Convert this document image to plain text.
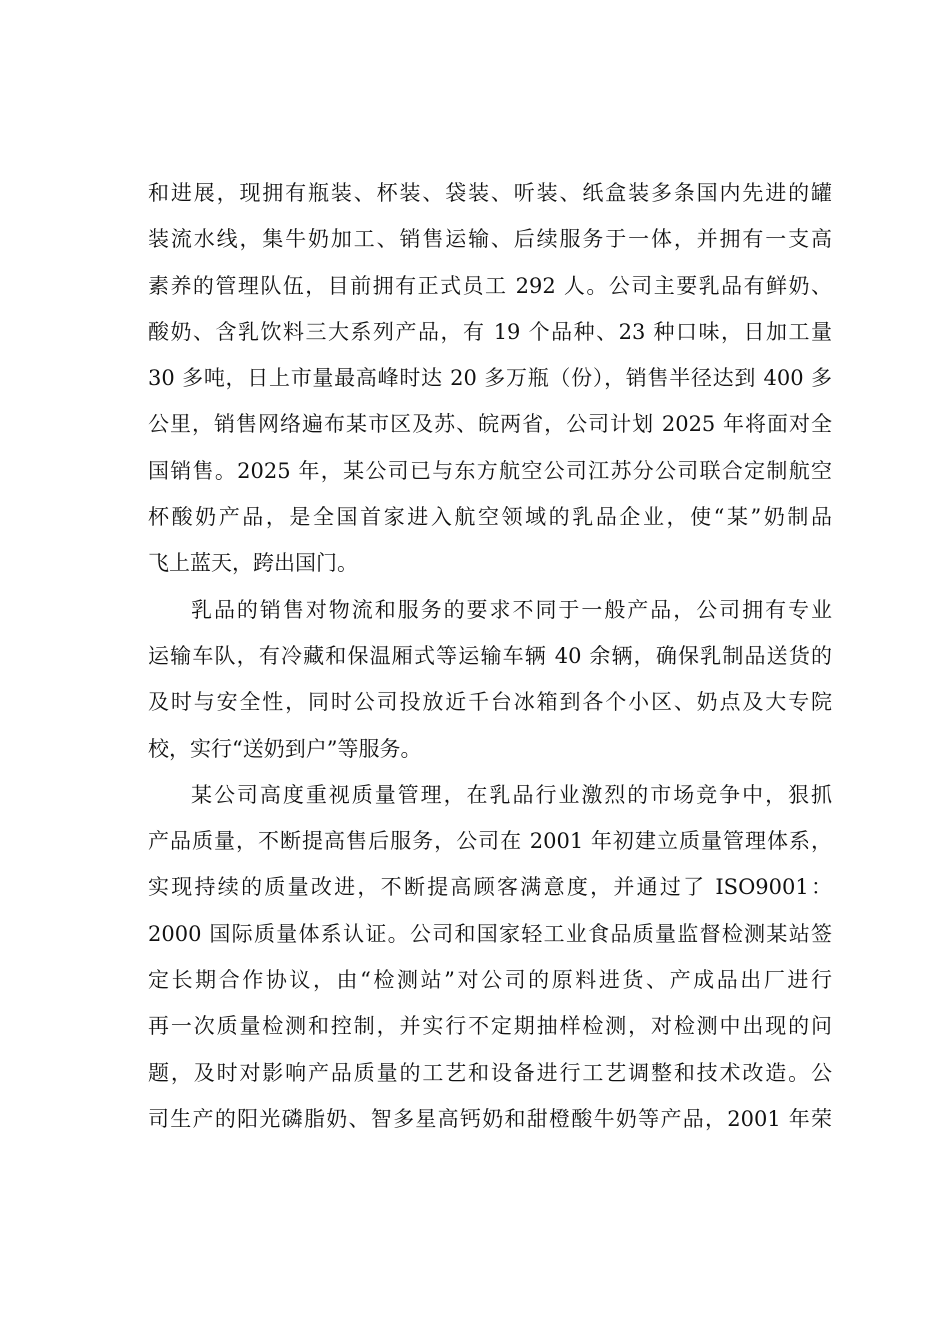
和进展，现拥有瓶装、杯装、袋装、听装、纸盒装多条国内先进的罐
装流水线，集牛奶加工、销售运输、后续服务于一体，并拥有一支高
素养的管理队伍，目前拥有正式员工 292 人。公司主要乳品有鲜奶、
酸奶、含乳饮料三大系列产品，有 19 个品种、23 种口味，日加工量
30 多吨，日上市量最高峰时达 20 多万瓶（份），销售半径达到 400 多
公里，销售网络遍布某市区及苏、皖两省，公司计划 2025 年将面对全
国销售。2025 年，某公司已与东方航空公司江苏分公司联合定制航空
杯酸奶产品，是全国首家进入航空领域的乳品企业，使“某”奶制品
飞上蓝天，跨出国门。
乳品的销售对物流和服务的要求不同于一般产品，公司拥有专业
运输车队，有冷藏和保温厢式等运输车辆 40 余辆，确保乳制品送货的
及时与安全性，同时公司投放近千台冰箱到各个小区、奶点及大专院
校，实行“送奶到户”等服务。
某公司高度重视质量管理，在乳品行业激烈的市场竞争中，狠抓
产品质量，不断提高售后服务，公司在 2001 年初建立质量管理体系，
实现持续的质量改进，不断提高顾客满意度，并通过了 ISO9001：
2000 国际质量体系认证。公司和国家轻工业食品质量监督检测某站签
定长期合作协议，由“检测站”对公司的原料进货、产成品出厂进行
再一次质量检测和控制，并实行不定期抽样检测，对检测中出现的问
题，及时对影响产品质量的工艺和设备进行工艺调整和技术改造。公
司生产的阳光磷脂奶、智多星高钙奶和甜橙酸牛奶等产品，2001 年荣
